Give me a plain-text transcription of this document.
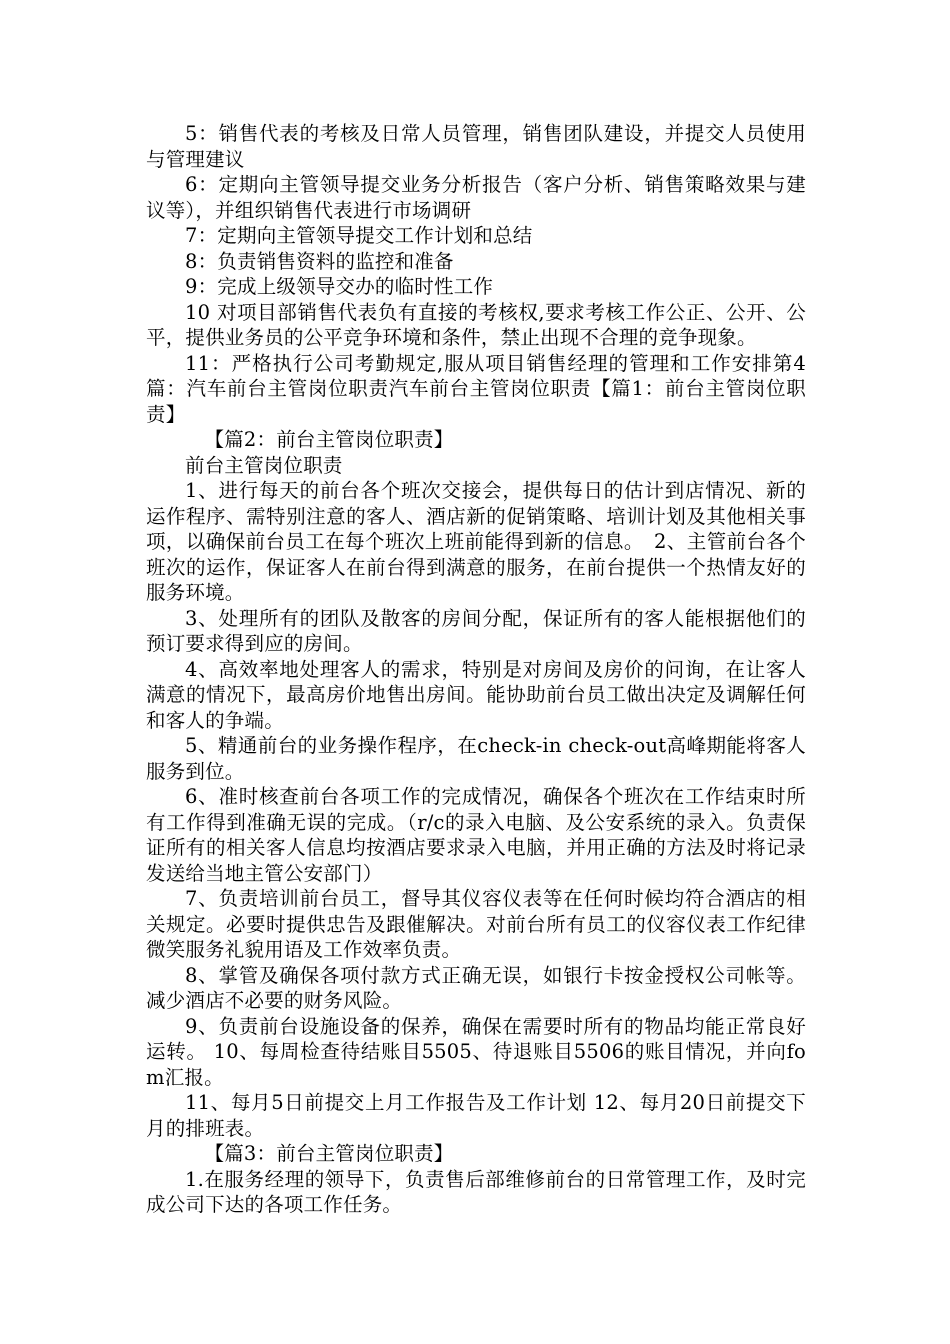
5：销售代表的考核及日常人员管理，销售团队建设，并提交人员使用与管理建议

6：定期向主管领导提交业务分析报告（客户分析、销售策略效果与建议等），并组织销售代表进行市场调研

7：定期向主管领导提交工作计划和总结

8：负责销售资料的监控和准备

9：完成上级领导交办的临时性工作

10 对项目部销售代表负有直接的考核权,要求考核工作公正、公开、公平，提供业务员的公平竞争环境和条件，禁止出现不合理的竞争现象。

11：严格执行公司考勤规定,服从项目销售经理的管理和工作安排第4篇：汽车前台主管岗位职责汽车前台主管岗位职责【篇1：前台主管岗位职责】

【篇2：前台主管岗位职责】

前台主管岗位职责

1、进行每天的前台各个班次交接会，提供每日的估计到店情况、新的运作程序、需特别注意的客人、酒店新的促销策略、培训计划及其他相关事项，以确保前台员工在每个班次上班前能得到新的信息。　2、主管前台各个班次的运作，保证客人在前台得到满意的服务，在前台提供一个热情友好的服务环境。

3、处理所有的团队及散客的房间分配，保证所有的客人能根据他们的预订要求得到应的房间。

4、高效率地处理客人的需求，特别是对房间及房价的问询，在让客人满意的情况下，最高房价地售出房间。能协助前台员工做出决定及调解任何和客人的争端。

5、精通前台的业务操作程序，在check-in check-out高峰期能将客人服务到位。

6、准时核查前台各项工作的完成情况，确保各个班次在工作结束时所有工作得到准确无误的完成。（r/c的录入电脑、及公安系统的录入。负责保证所有的相关客人信息均按酒店要求录入电脑，并用正确的方法及时将记录发送给当地主管公安部门）

7、负责培训前台员工，督导其仪容仪表等在任何时候均符合酒店的相关规定。必要时提供忠告及跟催解决。对前台所有员工的仪容仪表工作纪律微笑服务礼貌用语及工作效率负责。

8、掌管及确保各项付款方式正确无误，如银行卡按金授权公司帐等。减少酒店不必要的财务风险。

9、负责前台设施设备的保养，确保在需要时所有的物品均能正常良好运转。 10、每周检查待结账目5505、待退账目5506的账目情况，并向fom汇报。

11、每月5日前提交上月工作报告及工作计划 12、每月20日前提交下月的排班表。

【篇3：前台主管岗位职责】

1.在服务经理的领导下，负责售后部维修前台的日常管理工作，及时完成公司下达的各项工作任务。
